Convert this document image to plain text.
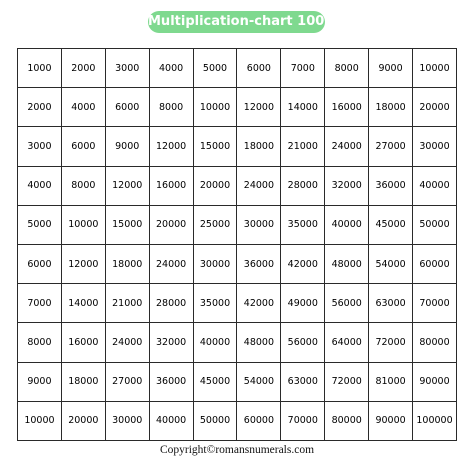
Multiplication-chart 10000
1000	2000	3000	4000	5000	6000	7000	8000	9000	10000
2000	4000	6000	8000	10000	12000	14000	16000	18000	20000
3000	6000	9000	12000	15000	18000	21000	24000	27000	30000
4000	8000	12000	16000	20000	24000	28000	32000	36000	40000
5000	10000	15000	20000	25000	30000	35000	40000	45000	50000
6000	12000	18000	24000	30000	36000	42000	48000	54000	60000
7000	14000	21000	28000	35000	42000	49000	56000	63000	70000
8000	16000	24000	32000	40000	48000	56000	64000	72000	80000
9000	18000	27000	36000	45000	54000	63000	72000	81000	90000
10000	20000	30000	40000	50000	60000	70000	80000	90000	100000
Copyright©romansnumerals.com
